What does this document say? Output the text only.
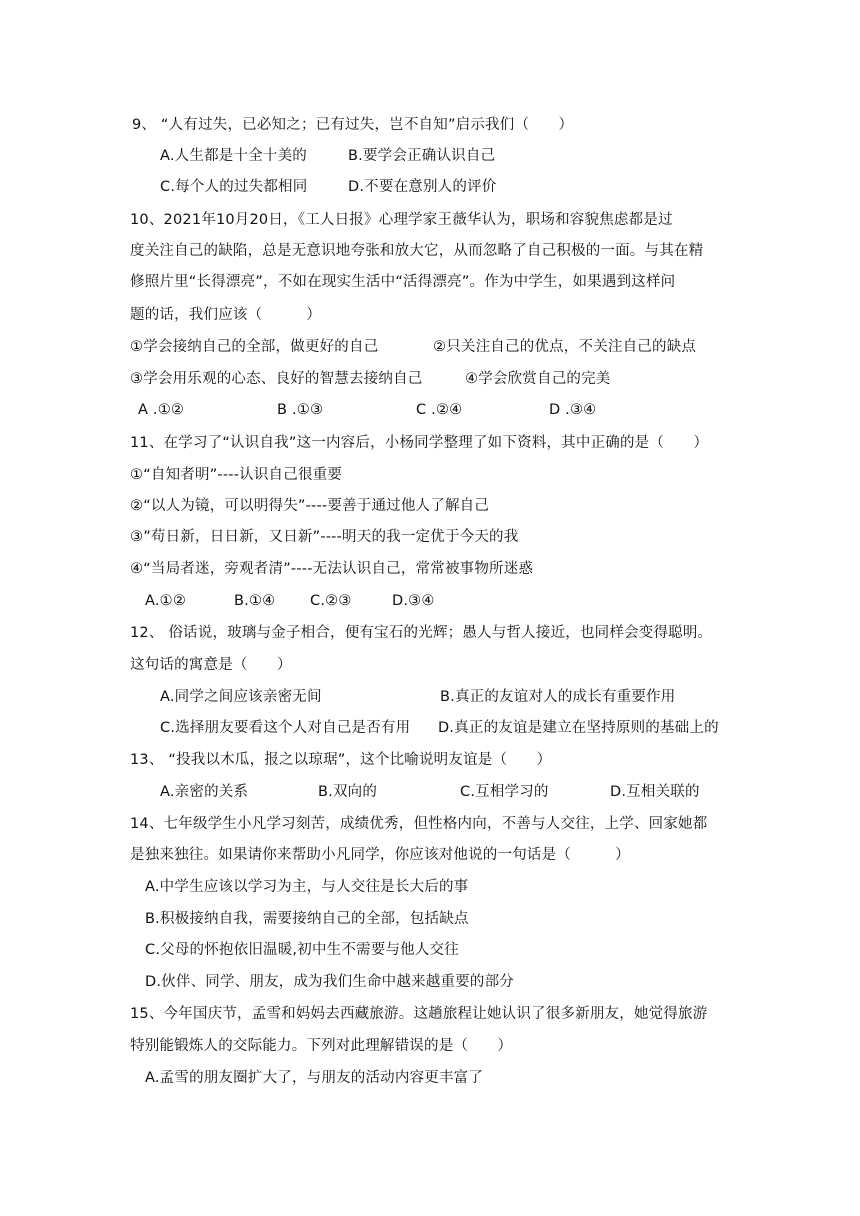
9、 “人有过失，已必知之；已有过失，岂不自知”启示我们（　　）
A.人生都是十全十美的	B.要学会正确认识自己
C.每个人的过失都相同	D.不要在意别人的评价
10、2021年10月20日，《工人日报》心理学家王薇华认为，职场和容貌焦虑都是过
度关注自己的缺陷，总是无意识地夸张和放大它，从而忽略了自己积极的一面。与其在精
修照片里“长得漂亮”，不如在现实生活中“活得漂亮”。作为中学生，如果遇到这样问
题的话，我们应该（　　　）
①学会接纳自己的全部，做更好的自己	②只关注自己的优点，不关注自己的缺点
③学会用乐观的心态、良好的智慧去接纳自己	④学会欣赏自己的完美
A .①②	B .①③	C .②④	D .③④
11、在学习了“认识自我”这一内容后，小杨同学整理了如下资料，其中正确的是（　　）
①“自知者明”----认识自己很重要
②“以人为镜，可以明得失”----要善于通过他人了解自己
③”苟日新，日日新，又日新”----明天的我一定优于今天的我
④“当局者迷，旁观者清”----无法认识自己，常常被事物所迷惑
A.①②	B.①④ C.②③	D.③④
12、 俗话说，玻璃与金子相合，便有宝石的光辉；愚人与哲人接近，也同样会变得聪明。
这句话的寓意是（　　）
A.同学之间应该亲密无间	B.真正的友谊对人的成长有重要作用
C.选择朋友要看这个人对自己是否有用 D.真正的友谊是建立在坚持原则的基础上的
13、 “投我以木瓜，报之以琼琚”，这个比喻说明友谊是（　　）
A.亲密的关系	B.双向的	C.互相学习的	D.互相关联的
14、七年级学生小凡学习刻苦，成绩优秀，但性格内向，不善与人交往，上学、回家她都
是独来独往。如果请你来帮助小凡同学，你应该对他说的一句话是（　　　）
A.中学生应该以学习为主，与人交往是长大后的事
B.积极接纳自我，需要接纳自己的全部，包括缺点
C.父母的怀抱依旧温暖,初中生不需要与他人交往
D.伙伴、同学、朋友，成为我们生命中越来越重要的部分
15、今年国庆节，孟雪和妈妈去西藏旅游。这趟旅程让她认识了很多新朋友，她觉得旅游
特别能锻炼人的交际能力。下列对此理解错误的是（　　）
A.孟雪的朋友圈扩大了，与朋友的活动内容更丰富了
